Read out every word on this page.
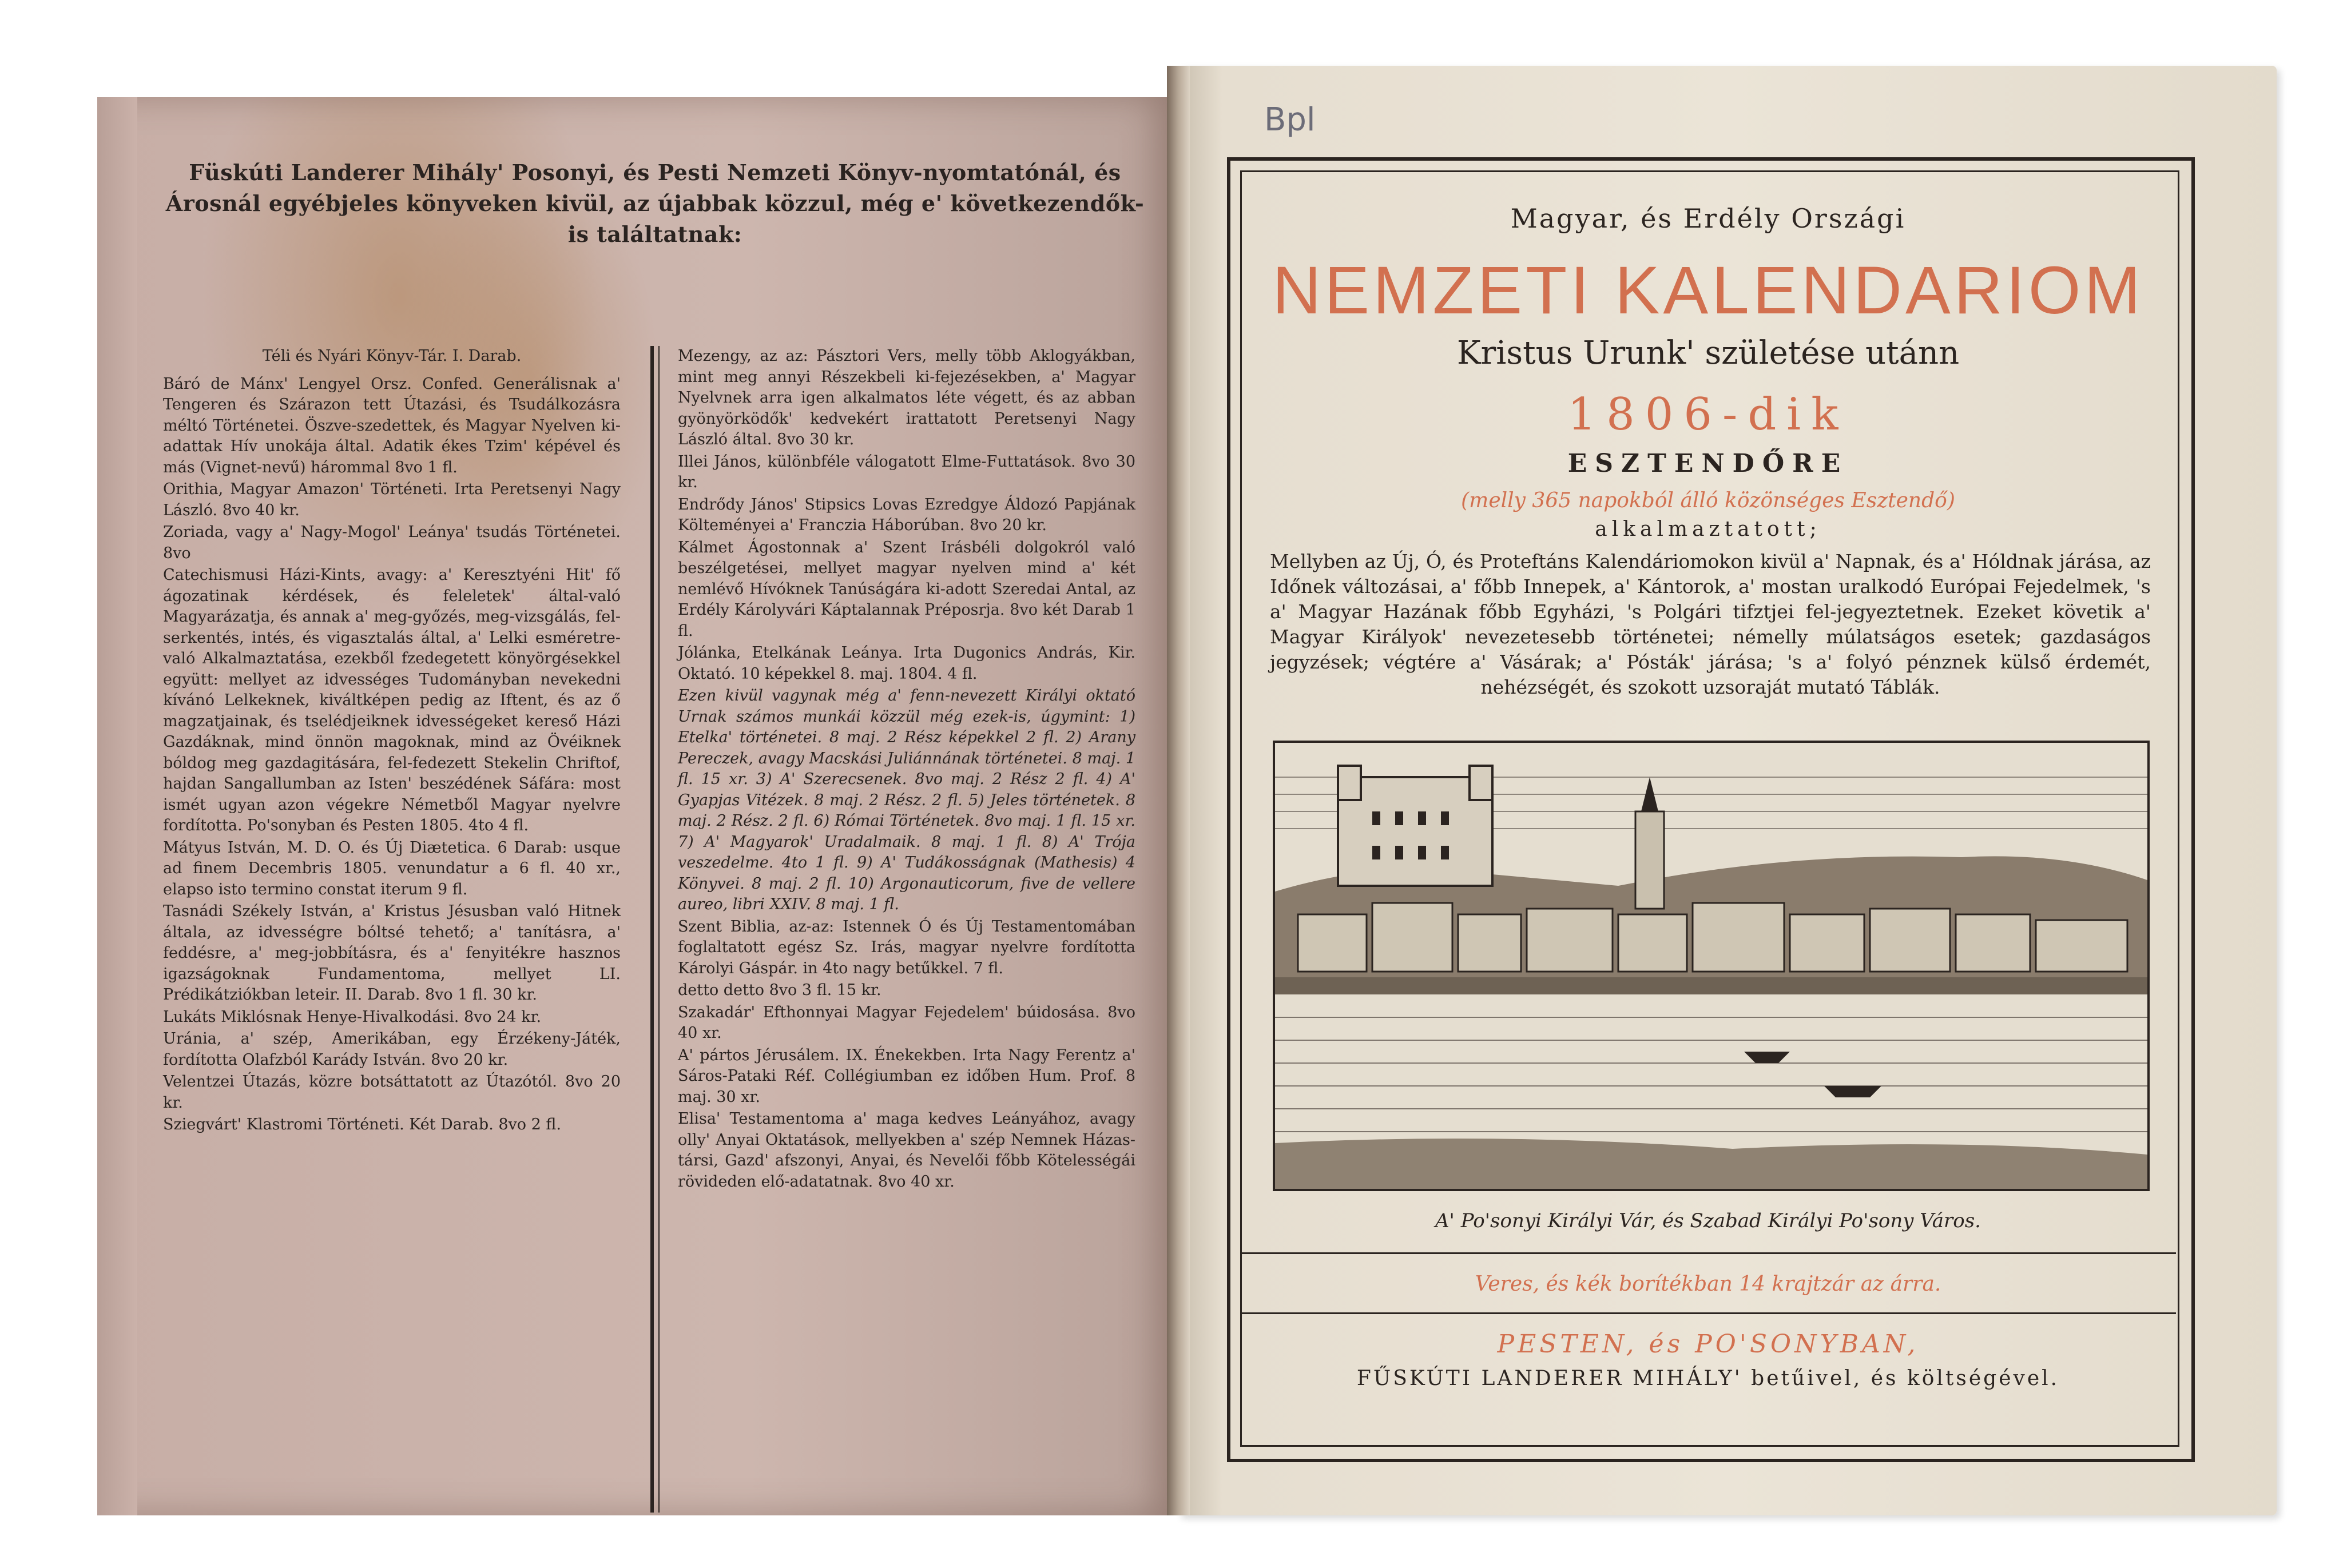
Füskúti Landerer Mihály' Posonyi, és Pesti Nemzeti Könyv-nyomtatónál, és Árosnál egyébjeles könyveken kivül, az újabbak közzul, még e' következendők-is találtatnak:

Téli és Nyári Könyv-Tár. I. Darab.

Báró de Mánx' Lengyel Orsz. Confed. Generálisnak a' Tengeren és Szárazon tett Útazási, és Tsudálkozásra méltó Történetei. Öszve-szedettek, és Magyar Nyelven ki-adattak Hív unokája által. Adatik ékes Tzim' képével és más (Vignet-nevű) hárommal 8vo 1 fl.

Orithia, Magyar Amazon' Történeti. Irta Peretsenyi Nagy László. 8vo 40 kr.

Zoriada, vagy a' Nagy-Mogol' Leánya' tsudás Történetei. 8vo

Catechismusi Házi-Kints, avagy: a' Keresztyéni Hit' fő ágozatinak kérdések, és feleletek' által-való Magyarázatja, és annak a' meg-győzés, meg-vizsgálás, fel-serkentés, intés, és vigasztalás által, a' Lelki esméretre-való Alkalmaztatása, ezekből fzedegetett könyörgésekkel együtt: mellyet az idvességes Tudományban nevekedni kívánó Lelkeknek, kiváltképen pedig az Iftent, és az ő magzatjainak, és tselédjeiknek idvességeket kereső Házi Gazdáknak, mind önnön magoknak, mind az Övéiknek bóldog meg gazdagitására, fel-fedezett Stekelin Chriftof, hajdan Sangallumban az Isten' beszédének Sáfára: most ismét ugyan azon végekre Németből Magyar nyelvre fordította. Po'sonyban és Pesten 1805. 4to 4 fl.

Mátyus István, M. D. O. és Új Diætetica. 6 Darab: usque ad finem Decembris 1805. venundatur a 6 fl. 40 xr., elapso isto termino constat iterum 9 fl.

Tasnádi Székely István, a' Kristus Jésusban való Hitnek általa, az idvességre bóltsé tehető; a' tanításra, a' feddésre, a' meg-jobbításra, és a' fenyitékre hasznos igazságoknak Fundamentoma, mellyet LI. Prédikátziókban leteir. II. Darab. 8vo 1 fl. 30 kr.

Lukáts Miklósnak Henye-Hivalkodási. 8vo 24 kr.

Uránia, a' szép, Amerikában, egy Érzékeny-Játék, fordította Olafzból Karády István. 8vo 20 kr.

Velentzei Útazás, közre botsáttatott az Útazótól. 8vo 20 kr.

Sziegvárt' Klastromi Történeti. Két Darab. 8vo 2 fl.

Mezengy, az az: Pásztori Vers, melly több Aklogyákban, mint meg annyi Részekbeli ki-fejezésekben, a' Magyar Nyelvnek arra igen alkalmatos léte végett, és az abban gyönyörködők' kedvekért irattatott Peretsenyi Nagy László által. 8vo 30 kr.

Illei János, különbféle válogatott Elme-Futtatások. 8vo 30 kr.

Endrődy János' Stipsics Lovas Ezredgye Áldozó Papjának Költeményei a' Franczia Háborúban. 8vo 20 kr.

Kálmet Ágostonnak a' Szent Irásbéli dolgokról való beszélgetései, mellyet magyar nyelven mind a' két nemlévő Hívóknek Tanúságára ki-adott Szeredai Antal, az Erdély Károlyvári Káptalannak Préposrja. 8vo két Darab 1 fl.

Jólánka, Etelkának Leánya. Irta Dugonics András, Kir. Oktató. 10 képekkel 8. maj. 1804. 4 fl.

Ezen kivül vagynak még a' fenn-nevezett Királyi oktató Urnak számos munkái közzül még ezek-is, úgymint: 1) Etelka' történetei. 8 maj. 2 Rész képekkel 2 fl. 2) Arany Pereczek, avagy Macskási Juliánnának történetei. 8 maj. 1 fl. 15 xr. 3) A' Szerecsenek. 8vo maj. 2 Rész 2 fl. 4) A' Gyapjas Vitézek. 8 maj. 2 Rész. 2 fl. 5) Jeles történetek. 8 maj. 2 Rész. 2 fl. 6) Római Történetek. 8vo maj. 1 fl. 15 xr. 7) A' Magyarok' Uradalmaik. 8 maj. 1 fl. 8) A' Trója veszedelme. 4to 1 fl. 9) A' Tudákosságnak (Mathesis) 4 Könyvei. 8 maj. 2 fl. 10) Argonauticorum, five de vellere aureo, libri XXIV. 8 maj. 1 fl.

Szent Biblia, az-az: Istennek Ó és Új Testamentomában foglaltatott egész Sz. Irás, magyar nyelvre fordította Károlyi Gáspár. in 4to nagy betűkkel. 7 fl.

detto detto 8vo 3 fl. 15 kr.

Szakadár' Efthonnyai Magyar Fejedelem' búidosása. 8vo 40 xr.

A' pártos Jérusálem. IX. Énekekben. Irta Nagy Ferentz a' Sáros-Pataki Réf. Collégiumban ez időben Hum. Prof. 8 maj. 30 xr.

Elisa' Testamentoma a' maga kedves Leányához, avagy olly' Anyai Oktatások, mellyekben a' szép Nemnek Házas-társi, Gazd' afszonyi, Anyai, és Nevelői főbb Kötelességái rövideden elő-adatatnak. 8vo 40 xr.

Bpl
Magyar, és Erdély Országi
NEMZETI KALENDARIOM
Kristus Urunk' születése utánn
1806-dik
ESZTENDŐRE
(melly 365 napokból álló közönséges Esztendő)
alkalmaztatott;
Mellyben az Új, Ó, és Proteftáns Kalendáriomokon kivül a' Napnak, és a' Hóldnak járása, az Időnek változásai, a' főbb Innepek, a' Kántorok, a' mostan uralkodó Európai Fejedelmek, 's a' Magyar Hazának főbb Egyházi, 's Polgári tifztjei fel-jegyeztetnek. Ezeket követik a' Magyar Királyok' nevezetesebb történetei; némelly múlatságos esetek; gazdaságos jegyzések; végtére a' Vásárak; a' Pósták' járása; 's a' folyó pénznek külső érdemét, nehézségét, és szokott uzsoraját mutató Táblák.
A' Po'sonyi Királyi Vár, és Szabad Királyi Po'sony Város.
Veres, és kék borítékban 14 krajtzár az árra.
PESTEN, és PO'SONYBAN,
FŰSKÚTI LANDERER MIHÁLY' betűivel, és költségével.
